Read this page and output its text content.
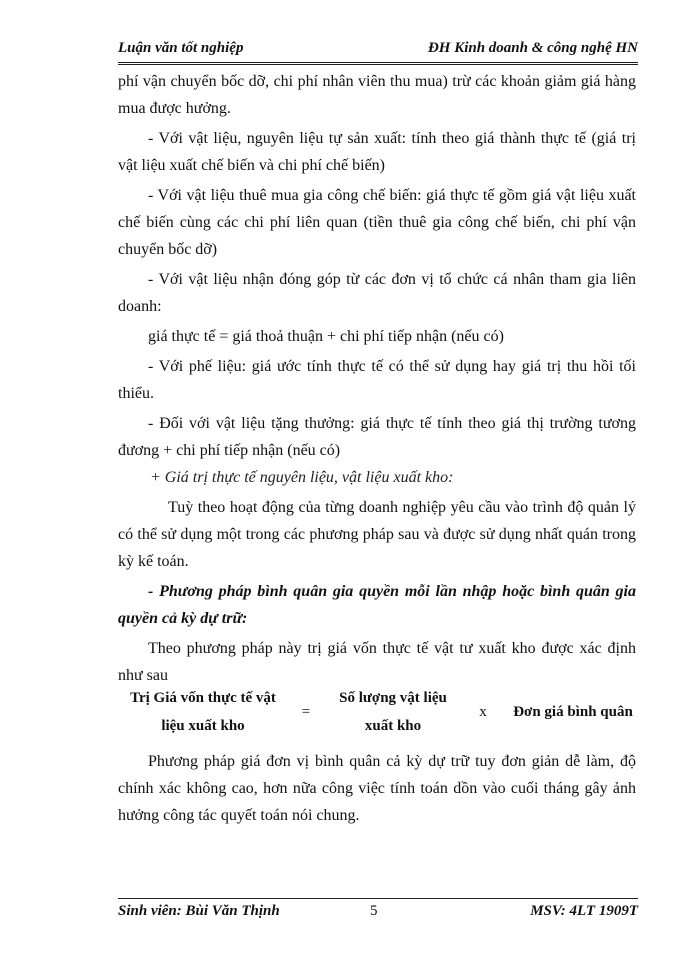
Luận văn tốt nghiệp	ĐH Kinh doanh & công nghệ HN

phí vận chuyển bốc dỡ, chi phí nhân viên thu mua) trừ các khoản giảm giá hàng mua được hưởng.

- Với vật liệu, nguyên liệu tự sản xuất: tính theo giá thành thực tế (giá trị vật liệu xuất chế biến và chi phí chế biến)

- Với vật liệu thuê mua gia công chế biến: giá thực tế gồm giá vật liệu xuất chế biến cùng các chi phí liên quan (tiền thuê gia công chế biến, chi phí vận chuyển bốc dỡ)

- Với vật liệu nhận đóng góp từ các đơn vị tổ chức cá nhân tham gia liên doanh:

giá thực tế = giá thoả thuận + chi phí tiếp nhận (nếu có)

- Với phế liệu: giá ước tính thực tế có thể sử dụng hay giá trị thu hồi tối thiểu.

- Đối với vật liệu tặng thưởng: giá thực tế tính theo giá thị trường tương đương + chi phí tiếp nhận (nếu có)

+ Giá trị thực tế nguyên liệu, vật liệu xuất kho:

Tuỳ theo hoạt động của từng doanh nghiệp yêu cầu vào trình độ quản lý có thể sử dụng một trong các phương pháp sau và được sử dụng nhất quán trong kỳ kế toán.

- Phương pháp bình quân gia quyền mỗi lần nhập hoặc bình quân gia quyền cả kỳ dự trữ:

Theo phương pháp này trị giá vốn thực tế vật tư xuất kho được xác định như sau

Trị Giá vốn thực tế vật
liệu xuất kho
=
Số lượng vật liệu
xuất kho
x	Đơn giá bình quân

Phương pháp giá đơn vị bình quân cả kỳ dự trữ tuy đơn giản dễ làm, độ chính xác không cao, hơn nữa công việc tính toán dồn vào cuối tháng gây ảnh hưởng công tác quyết toán nói chung.

Sinh viên: Bùi Văn Thịnh	5	MSV: 4LT 1909T
